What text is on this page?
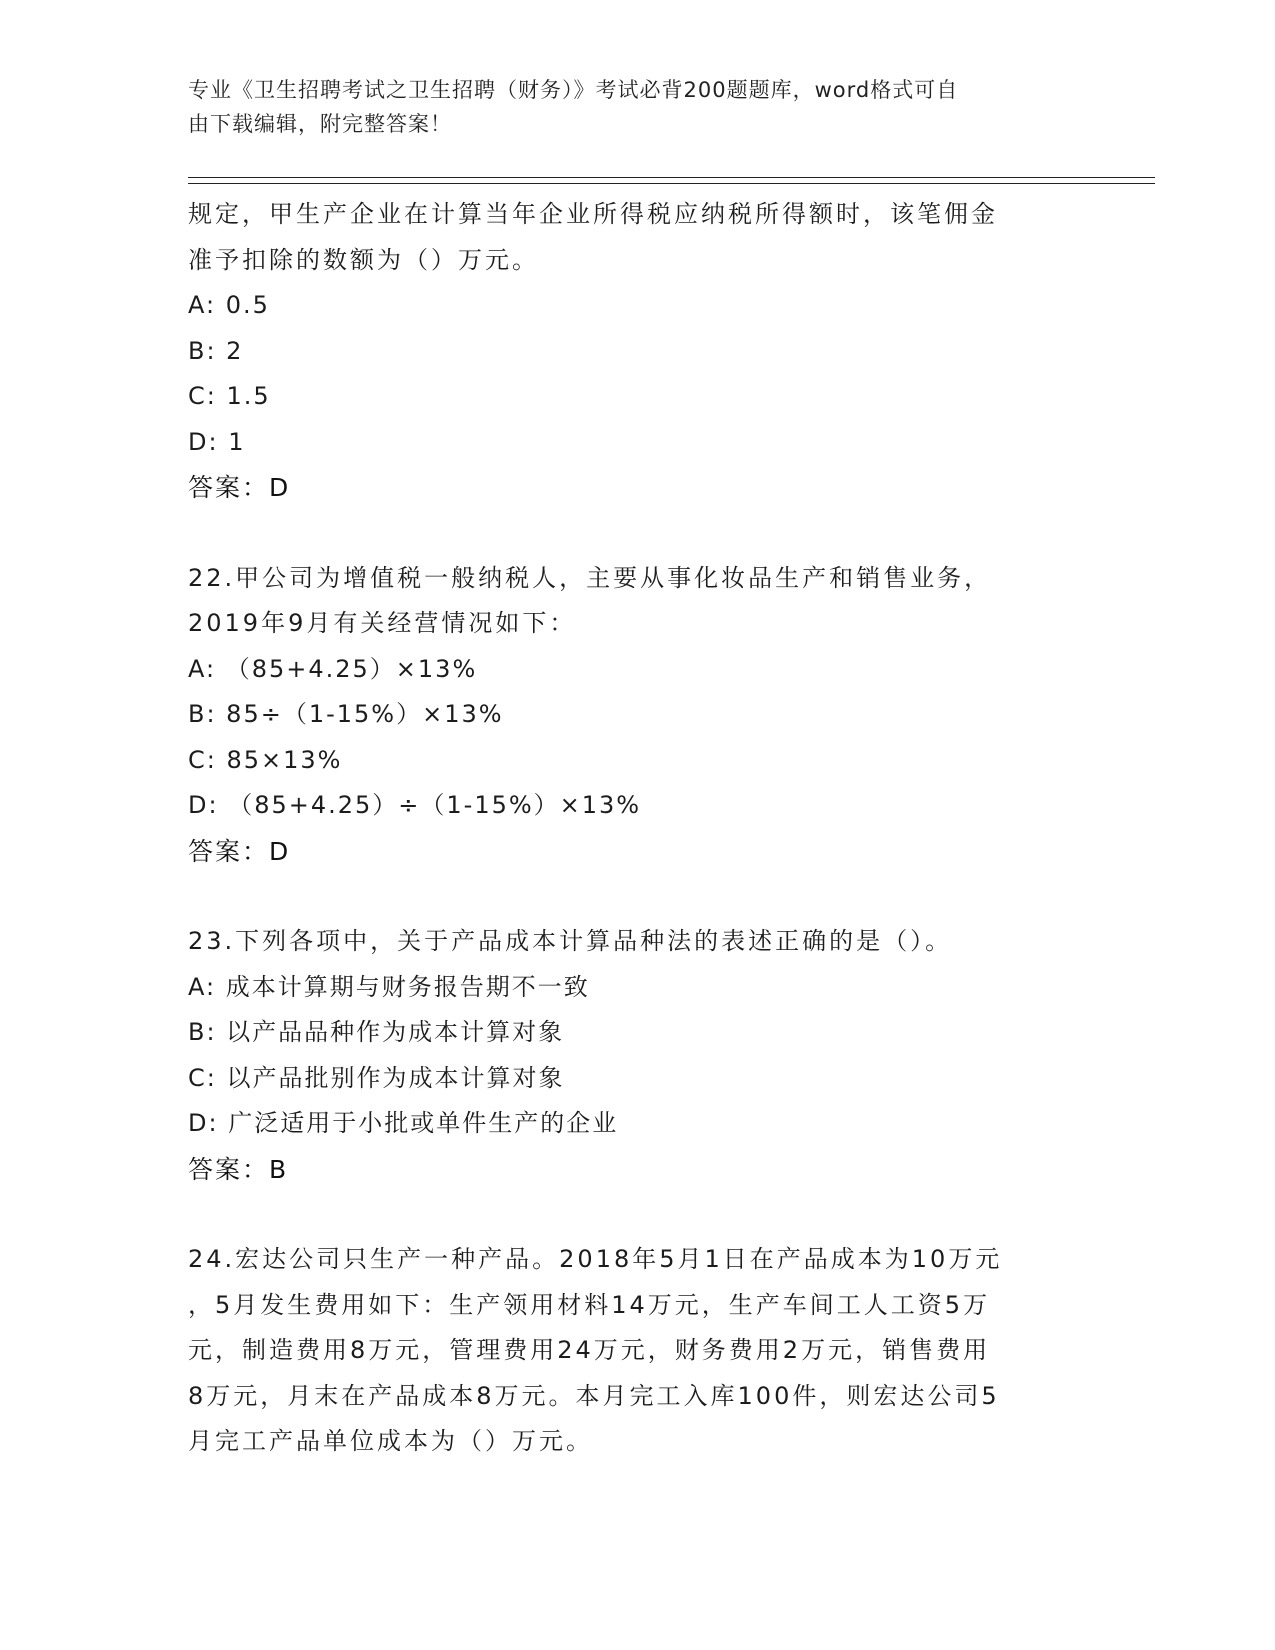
专业《卫生招聘考试之卫生招聘（财务）》考试必背200题题库，word格式可自
由下载编辑，附完整答案！
规定，甲生产企业在计算当年企业所得税应纳税所得额时，该笔佣金
准予扣除的数额为（）万元。
A: 0.5
B: 2
C: 1.5
D: 1
答案：D
22.甲公司为增值税一般纳税人，主要从事化妆品生产和销售业务，
2019年9月有关经营情况如下：
A: （85+4.25）×13%
B: 85÷（1-15%）×13%
C: 85×13%
D: （85+4.25）÷（1-15%）×13%
答案：D
23.下列各项中，关于产品成本计算品种法的表述正确的是（）。
A: 成本计算期与财务报告期不一致
B: 以产品品种作为成本计算对象
C: 以产品批别作为成本计算对象
D: 广泛适用于小批或单件生产的企业
答案：B
24.宏达公司只生产一种产品。2018年5月1日在产品成本为10万元
，5月发生费用如下：生产领用材料14万元，生产车间工人工资5万
元，制造费用8万元，管理费用24万元，财务费用2万元，销售费用
8万元，月末在产品成本8万元。本月完工入库100件，则宏达公司5
月完工产品单位成本为（）万元。
